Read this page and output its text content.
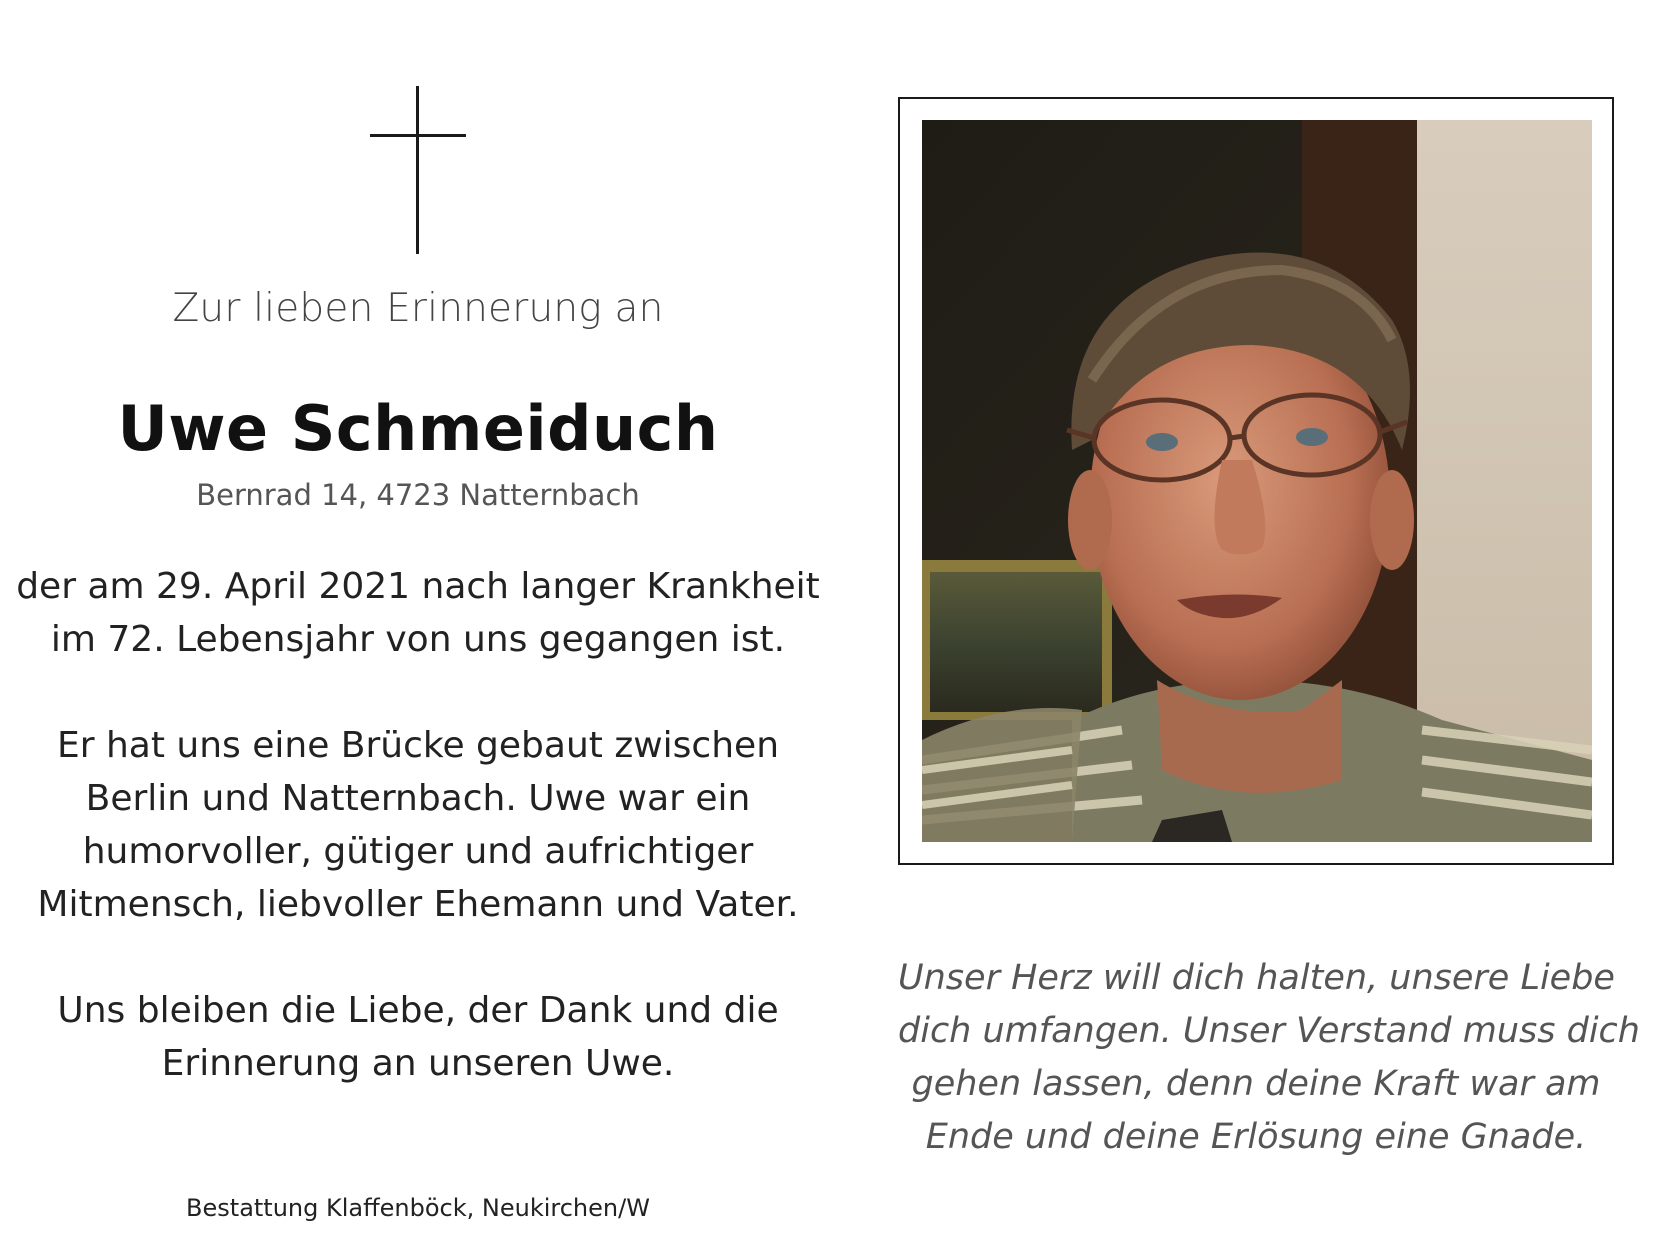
Zur lieben Erinnerung an

Uwe Schmeiduch

Bernrad 14, 4723 Natternbach

der am 29. April 2021 nach langer Krankheit
im 72. Lebensjahr von uns gegangen ist.
Er hat uns eine Brücke gebaut zwischen
Berlin und Natternbach. Uwe war ein
humorvoller, gütiger und aufrichtiger
Mitmensch, liebvoller Ehemann und Vater.
Uns bleiben die Liebe, der Dank und die
Erinnerung an unseren Uwe.

Bestattung Klaffenböck, Neukirchen/W

Unser Herz will dich halten, unsere Liebe
dich umfangen. Unser Verstand muss dich
gehen lassen, denn deine Kraft war am
Ende und deine Erlösung eine Gnade.
